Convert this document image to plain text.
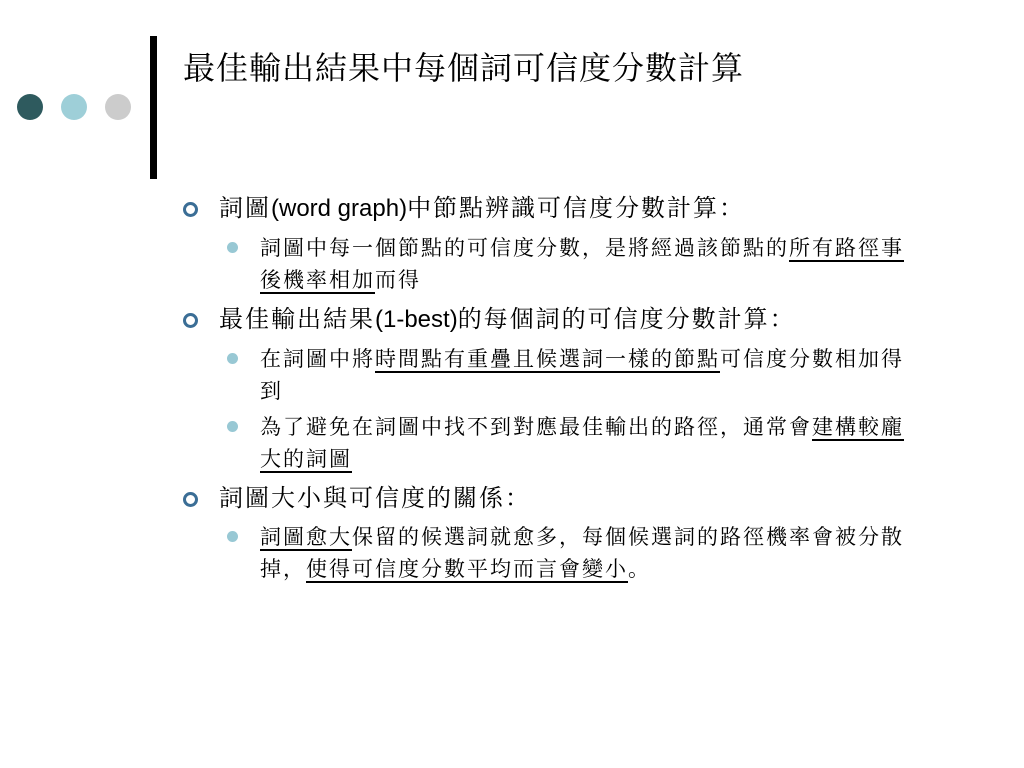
最佳輸出結果中每個詞可信度分數計算
詞圖(word graph)中節點辨識可信度分數計算：
詞圖中每一個節點的可信度分數，是將經過該節點的所有路徑事後機率相加而得
最佳輸出結果(1-best)的每個詞的可信度分數計算：
在詞圖中將時間點有重疊且候選詞一樣的節點可信度分數相加得到
為了避免在詞圖中找不到對應最佳輸出的路徑，通常會建構較龐大的詞圖
詞圖大小與可信度的關係：
詞圖愈大保留的候選詞就愈多，每個候選詞的路徑機率會被分散掉，使得可信度分數平均而言會變小。
